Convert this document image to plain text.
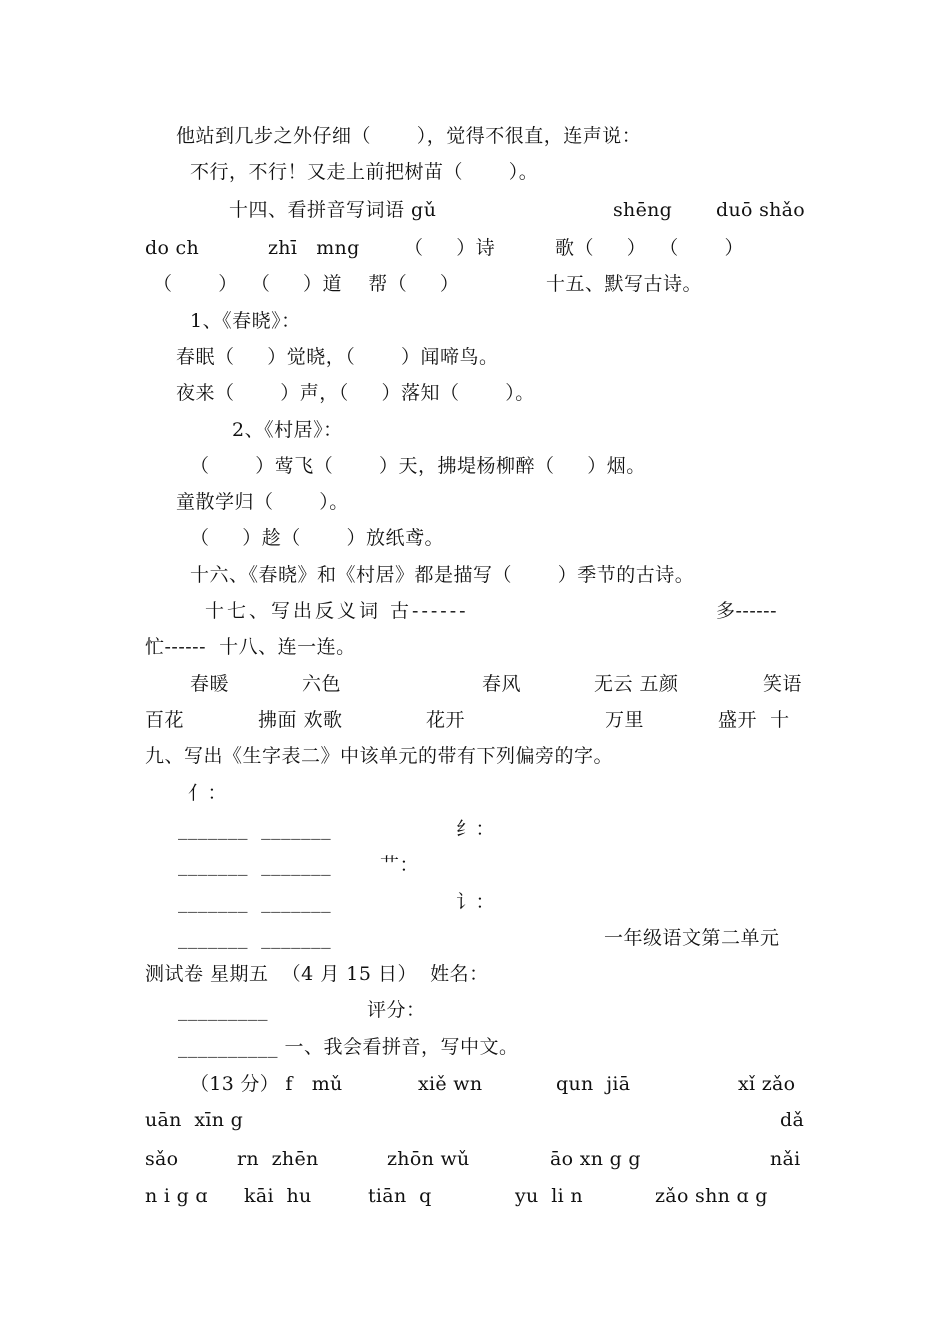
他站到几步之外仔细（       ），觉得不很直，连声说：
不行，不行！又走上前把树苗（       ）。
十四、看拼音写词语 gǔ	shēng duō shǎo
do ch	zhī   mng （     ）诗	歌（     ）  （       ）
（       ）  （     ）道    帮（     ）	十五、默写古诗。
1、《春晓》：
春眠（     ）觉晓，（       ）闻啼鸟。
夜来（       ）声，（     ）落知（       ）。
2、《村居》：
（       ）莺飞（       ）天，拂堤杨柳醉（     ）烟。
童散学归（       ）。
（     ）趁（       ）放纸鸢。
十六、《春晓》和《村居》都是描写（       ）季节的古诗。
十七、写出反义词 古------	多------
忙------  十八、连一连。
春暖	六色	春风	无云 五颜	笑语
百花	拂面 欢歌	花开	万里	盛开  十
九、写出《生字表二》中该单元的带有下列偏旁的字。
亻：
_______  _______	纟：
_______  _______	艹：
_______  _______	讠：
_______  _______	一年级语文第二单元
测试卷 星期五  （4 月 15 日）  姓名：
_________	评分：
__________ 一、我会看拼音，写中文。
（13 分） f   mǔ	xiě wn	qun  jiā	xǐ zǎo
uān  xīn g	dǎ
sǎo	rn  zhēn	zhōn wǔ	āo xn g g	nǎi
n i g ɑ kāi  hu	tiān  q	yu  li n	zǎo shn ɑ g
